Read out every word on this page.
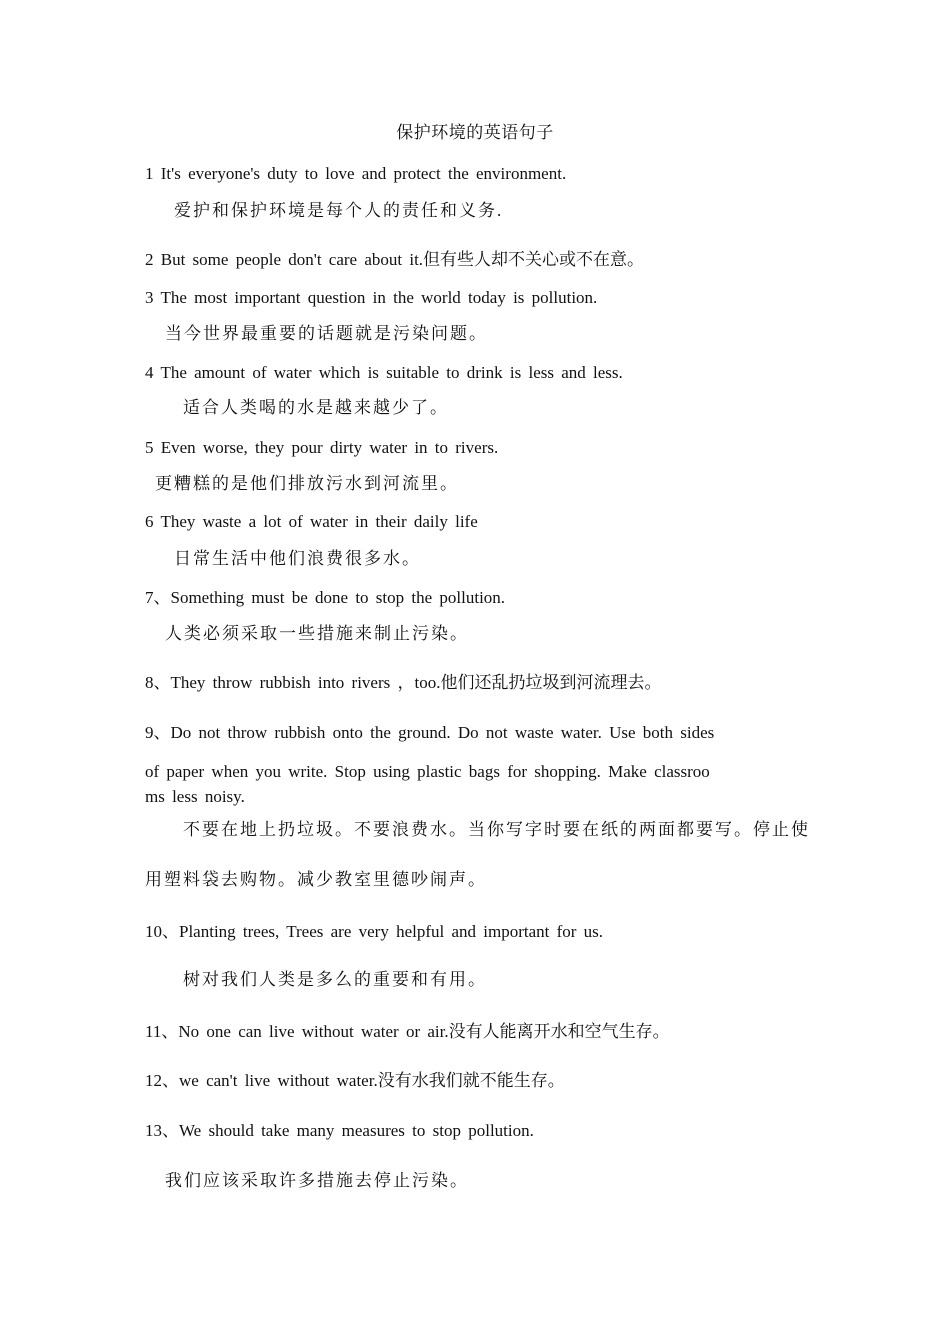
保护环境的英语句子
1 It's everyone's duty to love and protect the environment.
爱护和保护环境是每个人的责任和义务.
2 But some people don't care about it.但有些人却不关心或不在意。
3 The most important question in the world today is pollution.
当今世界最重要的话题就是污染问题。
4 The amount of water which is suitable to drink is less and less.
适合人类喝的水是越来越少了。
5 Even worse, they pour dirty water in to rivers.
更糟糕的是他们排放污水到河流里。
6 They waste a lot of water in their daily life
日常生活中他们浪费很多水。
7、Something must be done to stop the pollution.
人类必须采取一些措施来制止污染。
8、They throw rubbish into rivers ，too.他们还乱扔垃圾到河流理去。
9、Do not throw rubbish onto the ground. Do not waste water. Use both sides
of paper when you write. Stop using plastic bags for shopping. Make classroo
ms less noisy.
不要在地上扔垃圾。不要浪费水。当你写字时要在纸的两面都要写。停止使
用塑料袋去购物。减少教室里德吵闹声。
10、Planting trees, Trees are very helpful and important for us.
树对我们人类是多么的重要和有用。
11、No one can live without water or air.没有人能离开水和空气生存。
12、we can't live without water.没有水我们就不能生存。
13、We should take many measures to stop pollution.
我们应该采取许多措施去停止污染。
